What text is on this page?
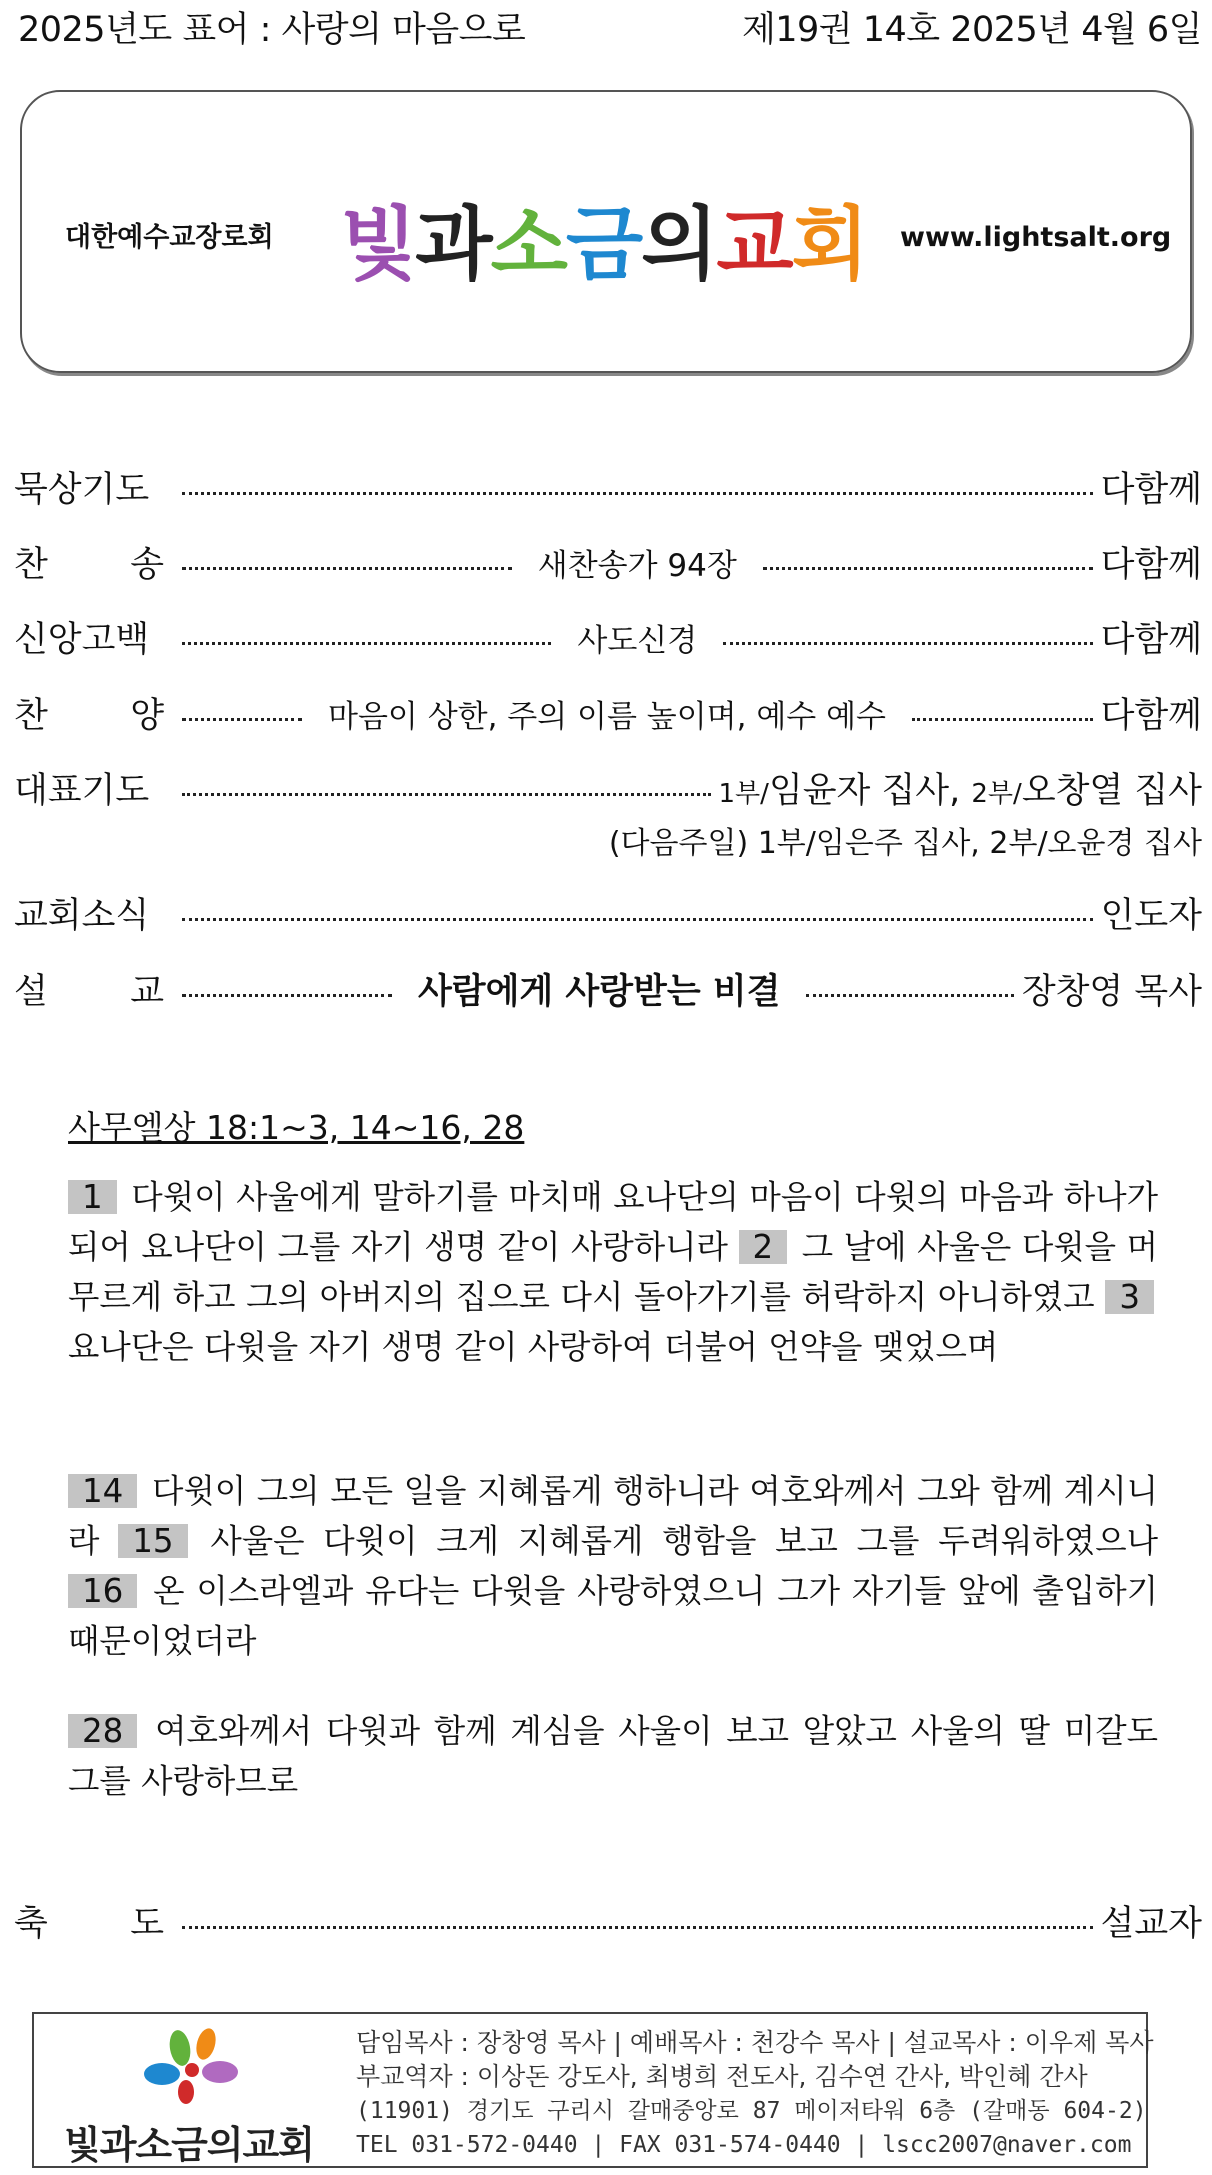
2025년도 표어 : 사랑의 마음으로	제19권 14호 2025년 4월 6일
대한예수교장로회 빛과소금의교회 www.lightsalt.org
묵상기도	다함께
찬 송	새찬송가 94장	다함께
신앙고백	사도신경	다함께
찬 양	마음이 상한, 주의 이름 높이며, 예수 예수	다함께
대표기도	1부/임윤자 집사, 2부/오창열 집사
(다음주일) 1부/임은주 집사, 2부/오윤경 집사
교회소식	인도자
설 교	사람에게 사랑받는 비결	장창영 목사
사무엘상 18:1~3, 14~16, 28
1 다윗이 사울에게 말하기를 마치매 요나단의 마음이 다윗의 마음과 하나가 되어 요나단이 그를 자기 생명 같이 사랑하니라 2 그 날에 사울은 다윗을 머무르게 하고 그의 아버지의 집으로 다시 돌아가기를 허락하지 아니하였고 3 요나단은 다윗을 자기 생명 같이 사랑하여 더불어 언약을 맺었으며
14 다윗이 그의 모든 일을 지혜롭게 행하니라 여호와께서 그와 함께 계시니라 15 사울은 다윗이 크게 지혜롭게 행함을 보고 그를 두려워하였으나 16 온 이스라엘과 유다는 다윗을 사랑하였으니 그가 자기들 앞에 출입하기 때문이었더라
28 여호와께서 다윗과 함께 계심을 사울이 보고 알았고 사울의 딸 미갈도 그를 사랑하므로
축 도	설교자
빛과소금의교회
담임목사 : 장창영 목사 | 예배목사 : 천강수 목사 | 설교목사 : 이우제 목사
부교역자 : 이상돈 강도사, 최병희 전도사, 김수연 간사, 박인혜 간사
(11901) 경기도 구리시 갈매중앙로 87 메이저타워 6층 (갈매동 604-2)
TEL 031-572-0440 | FAX 031-574-0440 | lscc2007@naver.com
